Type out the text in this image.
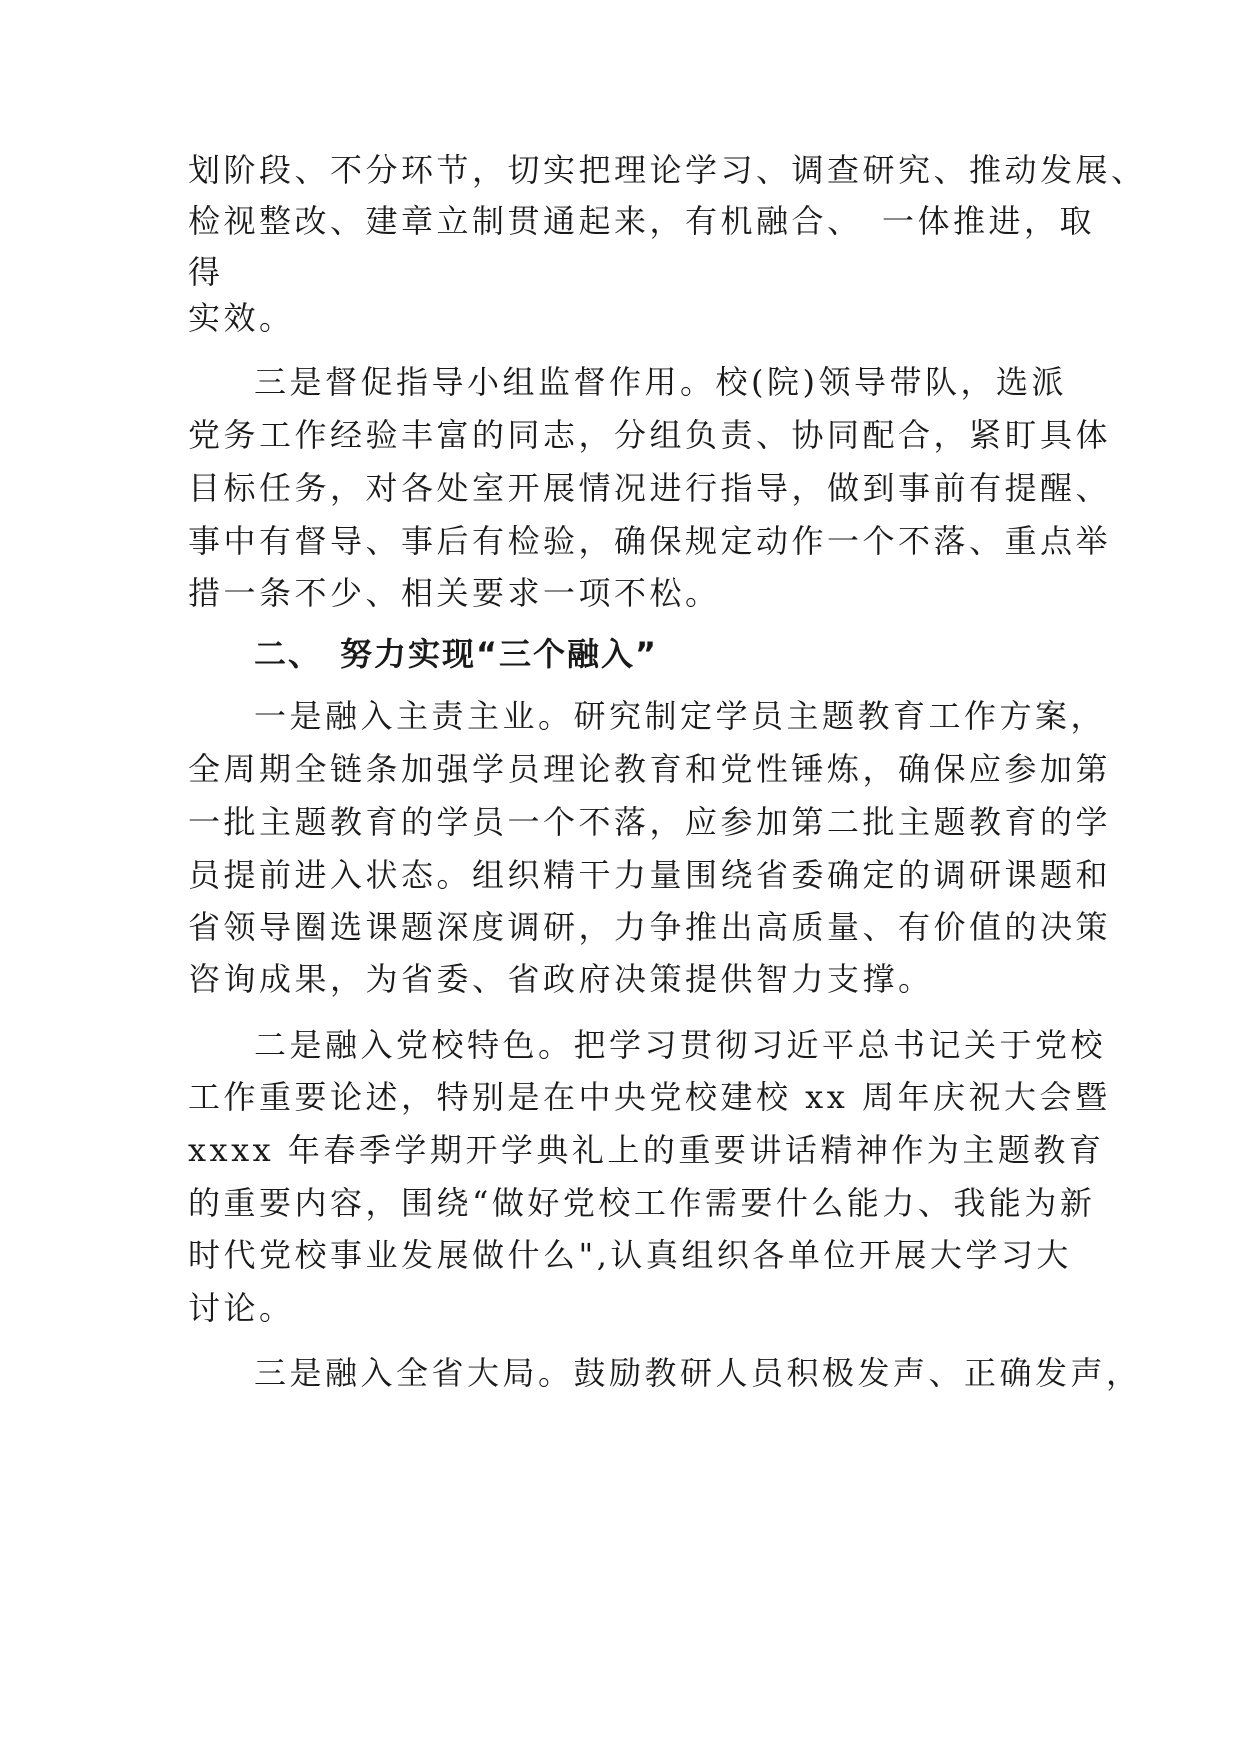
划阶段、不分环节，切实把理论学习、调查研究、推动发展、
检视整改、建章立制贯通起来，有机融合、　一体推进，取
得
实效。
三是督促指导小组监督作用。校(院)领导带队，选派
党务工作经验丰富的同志，分组负责、协同配合，紧盯具体
目标任务，对各处室开展情况进行指导，做到事前有提醒、
事中有督导、事后有检验，确保规定动作一个不落、重点举
措一条不少、相关要求一项不松。
二、　努力实现“三个融入”
一是融入主责主业。研究制定学员主题教育工作方案，
全周期全链条加强学员理论教育和党性锤炼，确保应参加第
一批主题教育的学员一个不落，应参加第二批主题教育的学
员提前进入状态。组织精干力量围绕省委确定的调研课题和
省领导圈选课题深度调研，力争推出高质量、有价值的决策
咨询成果，为省委、省政府决策提供智力支撑。
二是融入党校特色。把学习贯彻习近平总书记关于党校
工作重要论述，特别是在中央党校建校 xx 周年庆祝大会暨
xxxx 年春季学期开学典礼上的重要讲话精神作为主题教育
的重要内容，围绕“做好党校工作需要什么能力、我能为新
时代党校事业发展做什么",认真组织各单位开展大学习大
讨论。
三是融入全省大局。鼓励教研人员积极发声、正确发声，
